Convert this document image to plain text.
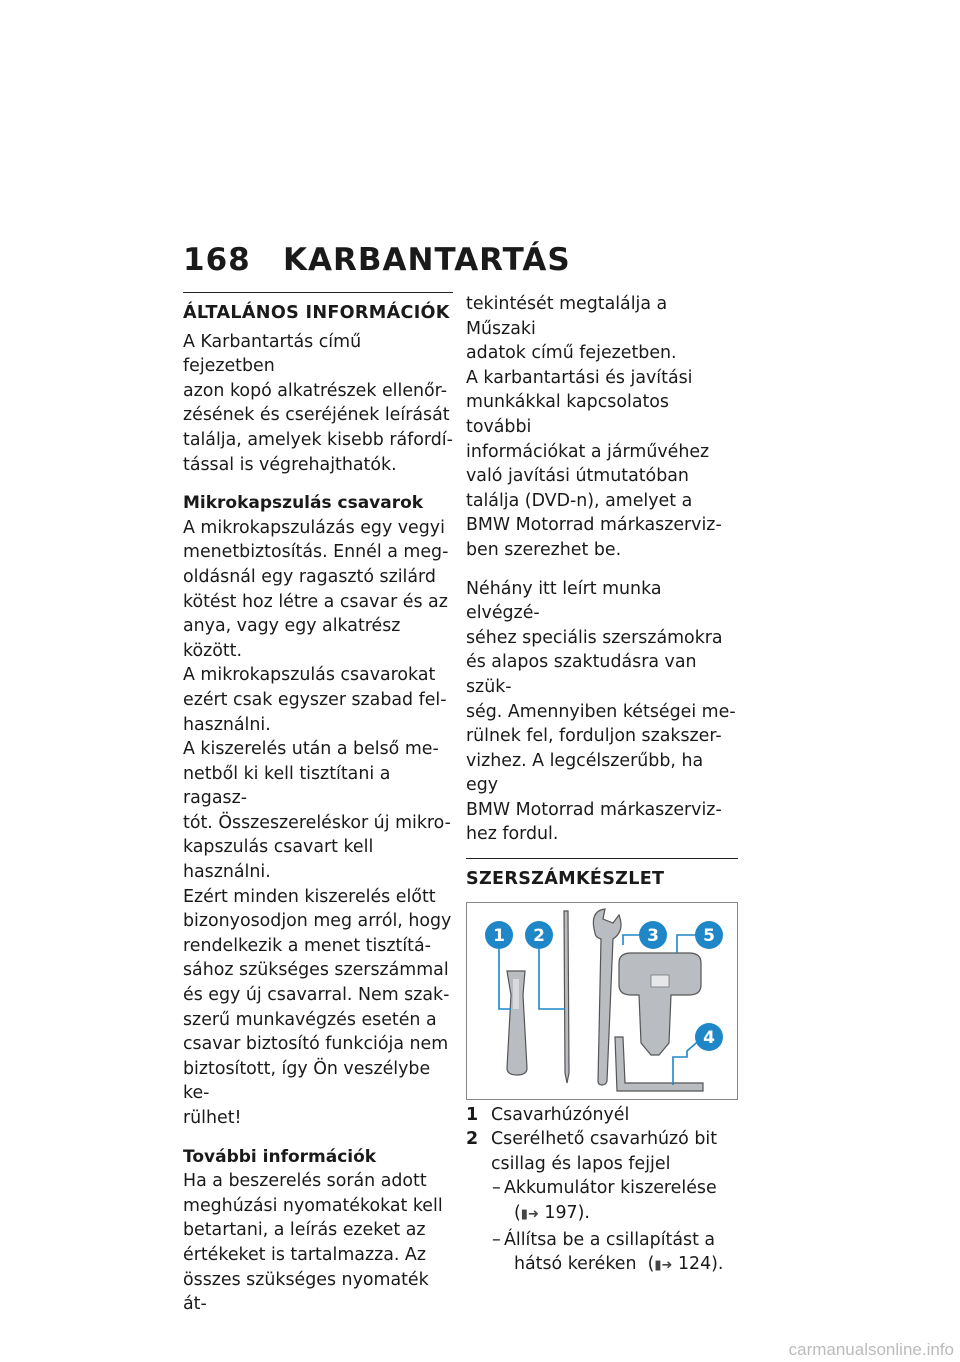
168 KARBANTARTÁS
ÁLTALÁNOS INFORMÁCIÓK

A Karbantartás című fejezetben

azon kopó alkatrészek ellenőr-

zésének és cseréjének leírását

találja, amelyek kisebb ráfordí-

tással is végrehajthatók.

Mikrokapszulás csavarok

A mikrokapszulázás egy vegyi

menetbiztosítás. Ennél a meg-

oldásnál egy ragasztó szilárd

kötést hoz létre a csavar és az

anya, vagy egy alkatrész között.

A mikrokapszulás csavarokat

ezért csak egyszer szabad fel-

használni.

A kiszerelés után a belső me-

netből ki kell tisztítani a ragasz-

tót. Összeszereléskor új mikro-

kapszulás csavart kell használni.

Ezért minden kiszerelés előtt

bizonyosodjon meg arról, hogy

rendelkezik a menet tisztítá-

sához szükséges szerszámmal

és egy új csavarral. Nem szak-

szerű munkavégzés esetén a

csavar biztosító funkciója nem

biztosított, így Ön veszélybe ke-

rülhet!

További információk

Ha a beszerelés során adott

meghúzási nyomatékokat kell

betartani, a leírás ezeket az

értékeket is tartalmazza. Az

összes szükséges nyomaték át-

tekintését megtalálja a Műszaki

adatok című fejezetben.

A karbantartási és javítási

munkákkal kapcsolatos további

információkat a járművéhez

való javítási útmutatóban

találja (DVD-n), amelyet a

BMW Motorrad márkaszerviz-

ben szerezhet be.

Néhány itt leírt munka elvégzé-

séhez speciális szerszámokra

és alapos szaktudásra van szük-

ség. Amennyiben kétségei me-

rülnek fel, forduljon szakszer-

vizhez. A legcélszerűbb, ha egy

BMW Motorrad márkaszerviz-

hez fordul.

SZERSZÁMKÉSZLET
1 2	3	5
4
1 Csavarhúzónyél
2 Cserélhető csavarhúzó bit
csillag és lapos fejjel
– Akkumulátor kiszerelése
(▮➜ 197).
– Állítsa be a csillapítást a
hátsó keréken  (▮➜ 124).
carmanualsonline.info
